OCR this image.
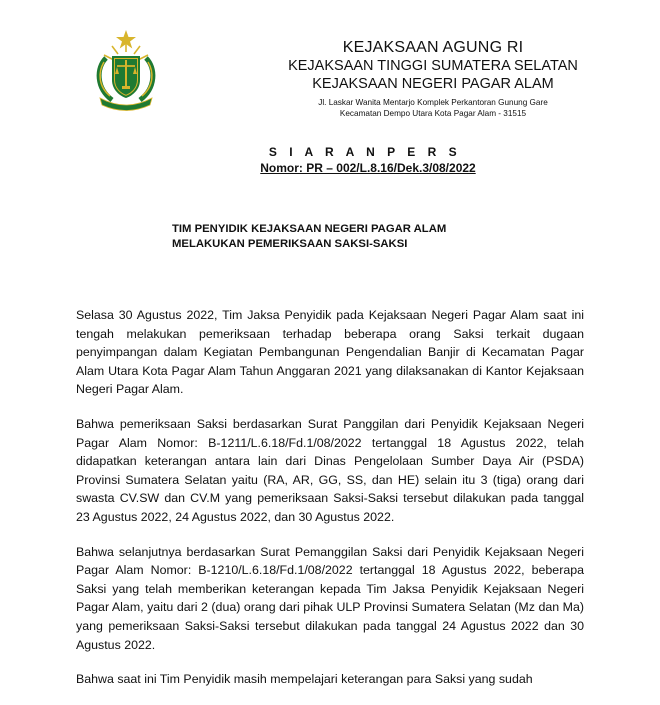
KEJAKSAAN AGUNG RI
KEJAKSAAN TINGGI SUMATERA SELATAN
KEJAKSAAN NEGERI PAGAR ALAM
Jl. Laskar Wanita Mentarjo Komplek Perkantoran Gunung Gare
Kecamatan Dempo Utara Kota Pagar Alam - 31515
S I A R A N P E R S
Nomor: PR – 002/L.8.16/Dek.3/08/2022
TIM PENYIDIK KEJAKSAAN NEGERI PAGAR ALAM
MELAKUKAN PEMERIKSAAN SAKSI-SAKSI

Selasa 30 Agustus 2022, Tim Jaksa Penyidik pada Kejaksaan Negeri Pagar Alam saat ini tengah melakukan pemeriksaan terhadap beberapa orang Saksi terkait dugaan penyimpangan dalam Kegiatan Pembangunan Pengendalian Banjir di Kecamatan Pagar Alam Utara Kota Pagar Alam Tahun Anggaran 2021 yang dilaksanakan di Kantor Kejaksaan Negeri Pagar Alam.

Bahwa pemeriksaan Saksi berdasarkan Surat Panggilan dari Penyidik Kejaksaan Negeri Pagar Alam Nomor: B-1211/L.6.18/Fd.1/08/2022 tertanggal 18 Agustus 2022, telah didapatkan keterangan antara lain dari Dinas Pengelolaan Sumber Daya Air (PSDA) Provinsi Sumatera Selatan yaitu (RA, AR, GG, SS, dan HE) selain itu 3 (tiga) orang dari swasta CV.SW dan CV.M yang pemeriksaan Saksi-Saksi tersebut dilakukan pada tanggal 23 Agustus 2022, 24 Agustus 2022, dan 30 Agustus 2022.

Bahwa selanjutnya berdasarkan Surat Pemanggilan Saksi dari Penyidik Kejaksaan Negeri Pagar Alam Nomor: B-1210/L.6.18/Fd.1/08/2022 tertanggal 18 Agustus 2022, beberapa Saksi yang telah memberikan keterangan kepada Tim Jaksa Penyidik Kejaksaan Negeri Pagar Alam, yaitu dari 2 (dua) orang dari pihak ULP Provinsi Sumatera Selatan (Mz dan Ma) yang pemeriksaan Saksi-Saksi tersebut dilakukan pada tanggal 24 Agustus 2022 dan 30 Agustus 2022.

Bahwa saat ini Tim Penyidik masih mempelajari keterangan para Saksi yang sudah
